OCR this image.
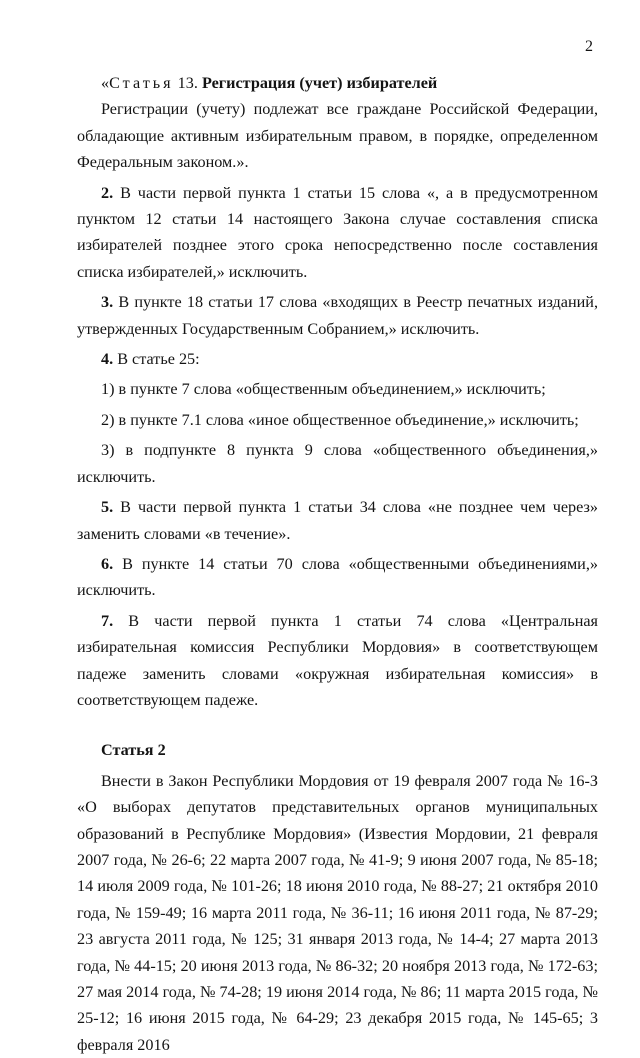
2

«Статья 13. Регистрация (учет) избирателей

Регистрации (учету) подлежат все граждане Российской Федерации, обладающие активным избирательным правом, в порядке, определенном Федеральным законом.».

2. В части первой пункта 1 статьи 15 слова «, а в предусмотренном пунктом 12 статьи 14 настоящего Закона случае составления списка избирателей позднее этого срока непосредственно после составления списка избирателей,» исключить.

3. В пункте 18 статьи 17 слова «входящих в Реестр печатных изданий, утвержденных Государственным Собранием,» исключить.

4. В статье 25:

1) в пункте 7 слова «общественным объединением,» исключить;

2) в пункте 7.1 слова «иное общественное объединение,» исключить;

3) в подпункте 8 пункта 9 слова «общественного объединения,» исключить.

5. В части первой пункта 1 статьи 34 слова «не позднее чем через» заменить словами «в течение».

6. В пункте 14 статьи 70 слова «общественными объединениями,» исключить.

7. В части первой пункта 1 статьи 74 слова «Центральная избирательная комиссия Республики Мордовия» в соответствующем падеже заменить словами «окружная избирательная комиссия» в соответствующем падеже.

Статья 2

Внести в Закон Республики Мордовия от 19 февраля 2007 года № 16-З «О выборах депутатов представительных органов муниципальных образований в Республике Мордовия» (Известия Мордовии, 21 февраля 2007 года, № 26-6; 22 марта 2007 года, № 41-9; 9 июня 2007 года, № 85-18; 14 июля 2009 года, № 101-26; 18 июня 2010 года, № 88-27; 21 октября 2010 года, № 159-49; 16 марта 2011 года, № 36-11; 16 июня 2011 года, № 87-29; 23 августа 2011 года, № 125; 31 января 2013 года, № 14-4; 27 марта 2013 года, № 44-15; 20 июня 2013 года, № 86-32; 20 ноября 2013 года, № 172-63; 27 мая 2014 года, № 74-28; 19 июня 2014 года, № 86; 11 марта 2015 года, № 25-12; 16 июня 2015 года, № 64-29; 23 декабря 2015 года, № 145-65; 3 февраля 2016
